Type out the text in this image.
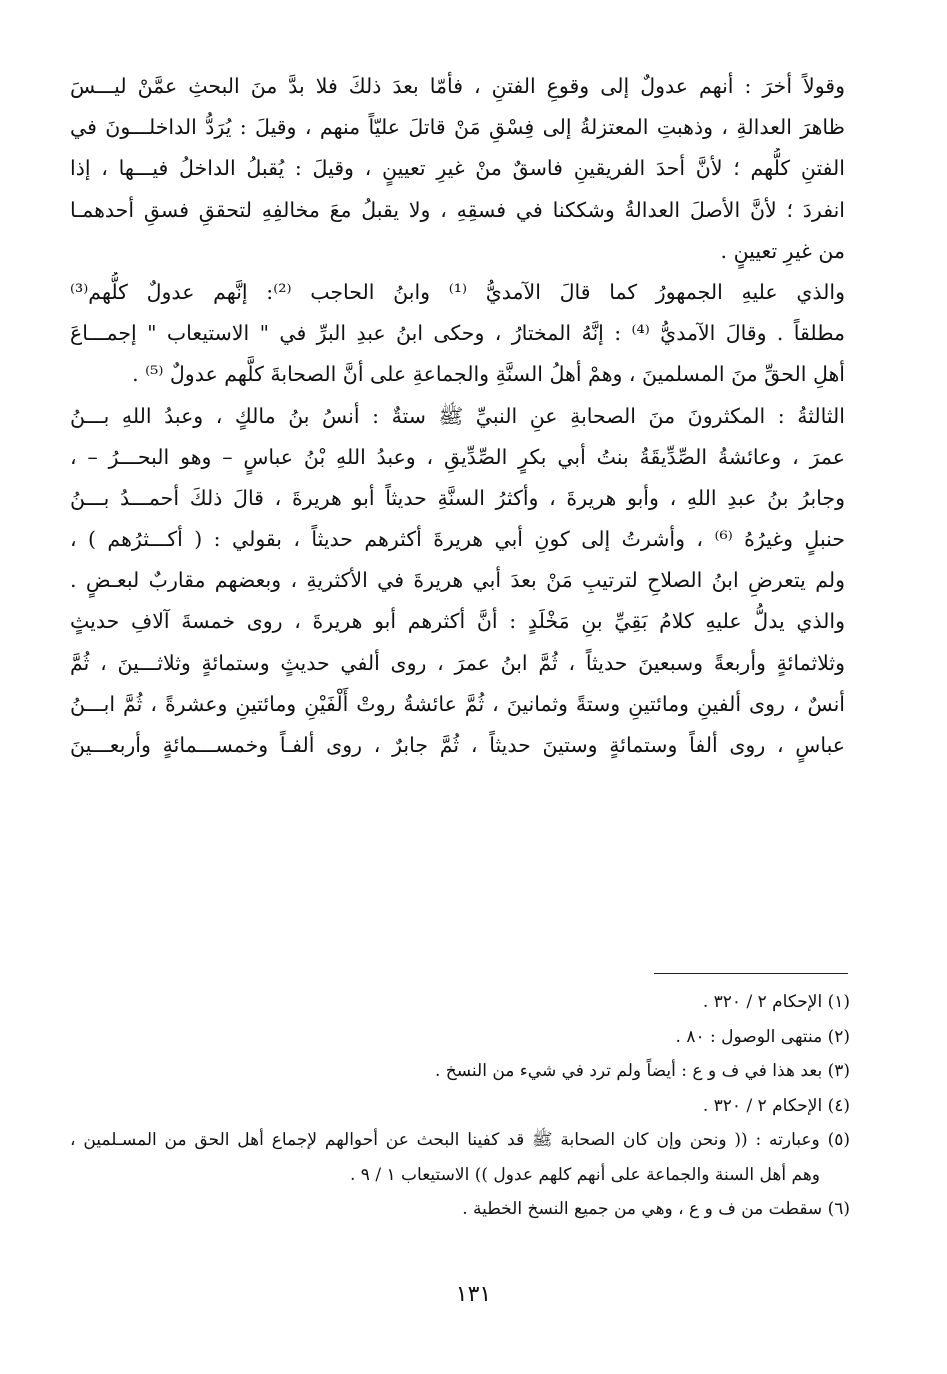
وقولاً أخرَ : أنهم عدولٌ إلى وقوعِ الفتنِ ، فأمّا بعدَ ذلكَ فلا بدَّ منَ البحثِ عمَّنْ ليـــسَ
ظاهرَ العدالةِ ، وذهبتِ المعتزلةُ إلى فِسْقِ مَنْ قاتلَ عليّاً منهم ، وقيلَ : يُرَدُّ الداخلـــونَ في
الفتنِ كلُّهم ؛ لأنَّ أحدَ الفريقينِ فاسقٌ منْ غيرِ تعيينٍ ، وقيلَ : يُقبلُ الداخلُ فيـــها ، إذا
انفردَ ؛ لأنَّ الأصلَ العدالةُ وشككنا في فسقِهِ ، ولا يقبلُ معَ مخالفِهِ لتحققِ فسقِ أحدهمـا
من غيرِ تعيينٍ .
والذي عليهِ الجمهورُ كما قالَ الآمديُّ ⁽¹⁾ وابنُ الحاجب ⁽²⁾: إنَّهم عدولٌ كلُّهم⁽³⁾
مطلقاً . وقالَ الآمديُّ ⁽⁴⁾ : إنَّهُ المختارُ ، وحكى ابنُ عبدِ البرِّ في " الاستيعاب " إجمـــاعَ
أهلِ الحقِّ منَ المسلمينَ ، وهمْ أهلُ السنَّةِ والجماعةِ على أنَّ الصحابةَ كلَّهم عدولٌ ⁽⁵⁾ .
الثالثةُ : المكثرونَ منَ الصحابةِ عنِ النبيِّ ﷺ ستةٌ : أنسُ بنُ مالكٍ ، وعبدُ اللهِ بـــنُ
عمرَ ، وعائشةُ الصِّدِّيقَةُ بنتُ أبي بكرٍ الصِّدِّيقِ ، وعبدُ اللهِ بْنُ عباسٍ – وهو البحـــرُ – ،
وجابرُ بنُ عبدِ اللهِ ، وأبو هريرةَ ، وأكثرُ السنَّةِ حديثاً أبو هريرةَ ، قالَ ذلكَ أحمـــدُ بـــنُ
حنبلٍ وغيرُهُ ⁽⁶⁾ ، وأشرتُ إلى كونِ أبي هريرةَ أكثرهم حديثاً ، بقولي : ( أكـــثرُهم ) ،
ولم يتعرضِ ابنُ الصلاحِ لترتيبِ مَنْ بعدَ أبي هريرةَ في الأكثريةِ ، وبعضهم مقاربٌ لبعـضٍ .
والذي يدلُّ عليهِ كلامُ بَقِيِّ بنِ مَخْلَدٍ : أنَّ أكثرهم أبو هريرةَ ، روى خمسةَ آلافِ حديثٍ
وثلاثمائةٍ وأربعةً وسبعينَ حديثاً ، ثُمَّ ابنُ عمرَ ، روى ألفي حديثٍ وستمائةٍ وثلاثـــينَ ، ثُمَّ
أنسٌ ، روى ألفينِ ومائتينِ وستةً وثمانينَ ، ثُمَّ عائشةُ روتْ أَلْفَيْنِ ومائتينِ وعشرةً ، ثُمَّ ابـــنُ
عباسٍ ، روى ألفاً وستمائةٍ وستينَ حديثاً ، ثُمَّ جابرٌ ، روى ألفـاً وخمســـمائةٍ وأربعـــينَ
(١) الإحكام ٢ / ٣٢٠ .
(٢) منتهى الوصول : ٨٠ .
(٣) بعد هذا في ف و ع : أيضاً ولم ترد في شيء من النسخ .
(٤) الإحكام ٢ / ٣٢٠ .
(٥) وعبارته : (( ونحن وإن كان الصحابة ﷺ قد كفينا البحث عن أحوالهم لإجماع أهل الحق من المسـلمين ،
وهم أهل السنة والجماعة على أنهم كلهم عدول )) الاستيعاب ١ / ٩ .
(٦) سقطت من ف و ع ، وهي من جميع النسخ الخطية .
١٣١
